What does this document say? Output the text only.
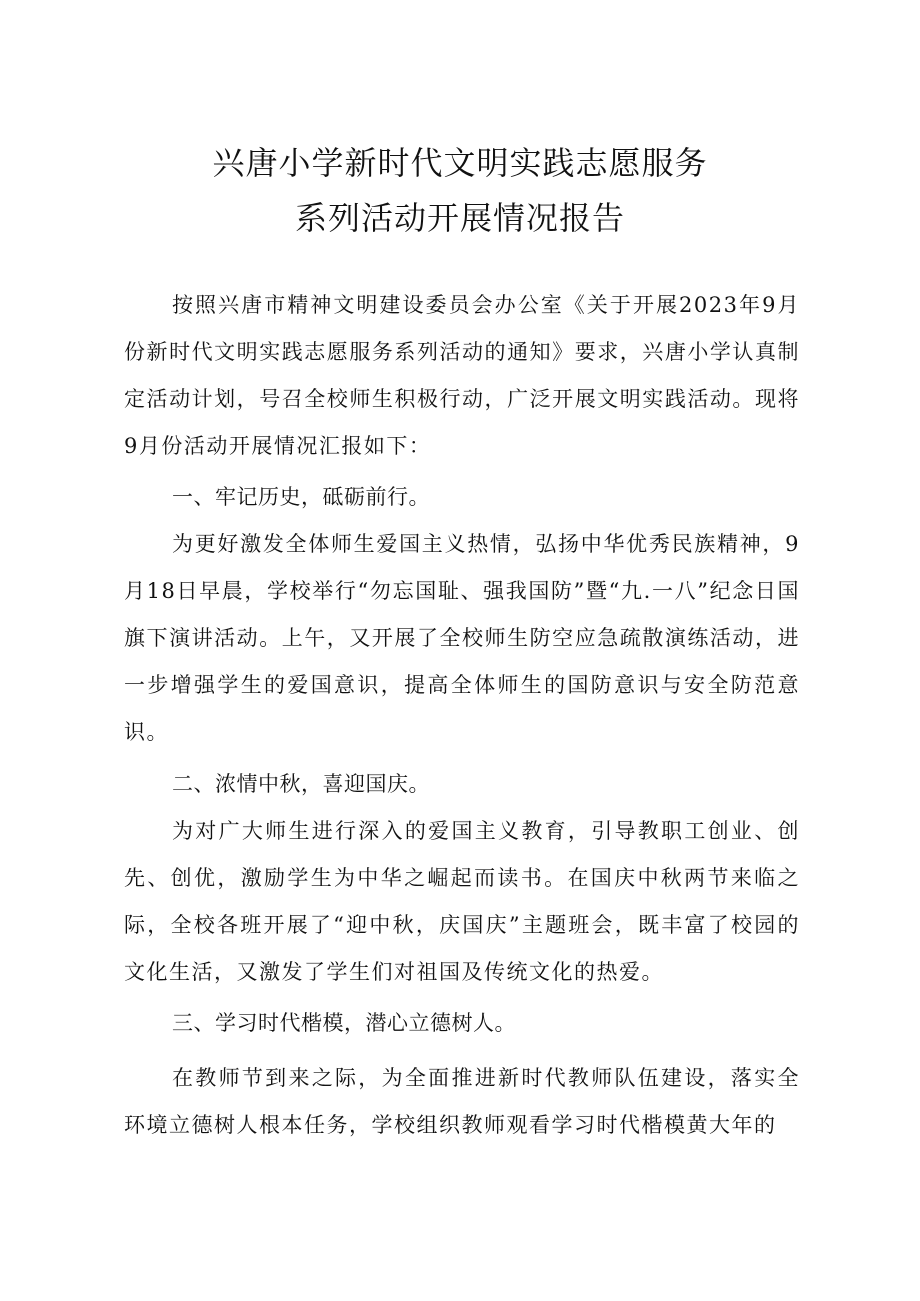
兴唐小学新时代文明实践志愿服务
系列活动开展情况报告

按照兴唐市精神文明建设委员会办公室《关于开展2023年9月份新时代文明实践志愿服务系列活动的通知》要求，兴唐小学认真制定活动计划，号召全校师生积极行动，广泛开展文明实践活动。现将9月份活动开展情况汇报如下：

一、牢记历史，砥砺前行。

为更好激发全体师生爱国主义热情，弘扬中华优秀民族精神，9月18日早晨，学校举行“勿忘国耻、强我国防”暨“九.一八”纪念日国旗下演讲活动。上午，又开展了全校师生防空应急疏散演练活动，进一步增强学生的爱国意识，提高全体师生的国防意识与安全防范意识。

二、浓情中秋，喜迎国庆。

为对广大师生进行深入的爱国主义教育，引导教职工创业、创先、创优，激励学生为中华之崛起而读书。在国庆中秋两节来临之际，全校各班开展了“迎中秋，庆国庆”主题班会，既丰富了校园的文化生活，又激发了学生们对祖国及传统文化的热爱。

三、学习时代楷模，潜心立德树人。

在教师节到来之际，为全面推进新时代教师队伍建设，落实全环境立德树人根本任务，学校组织教师观看学习时代楷模黄大年的
